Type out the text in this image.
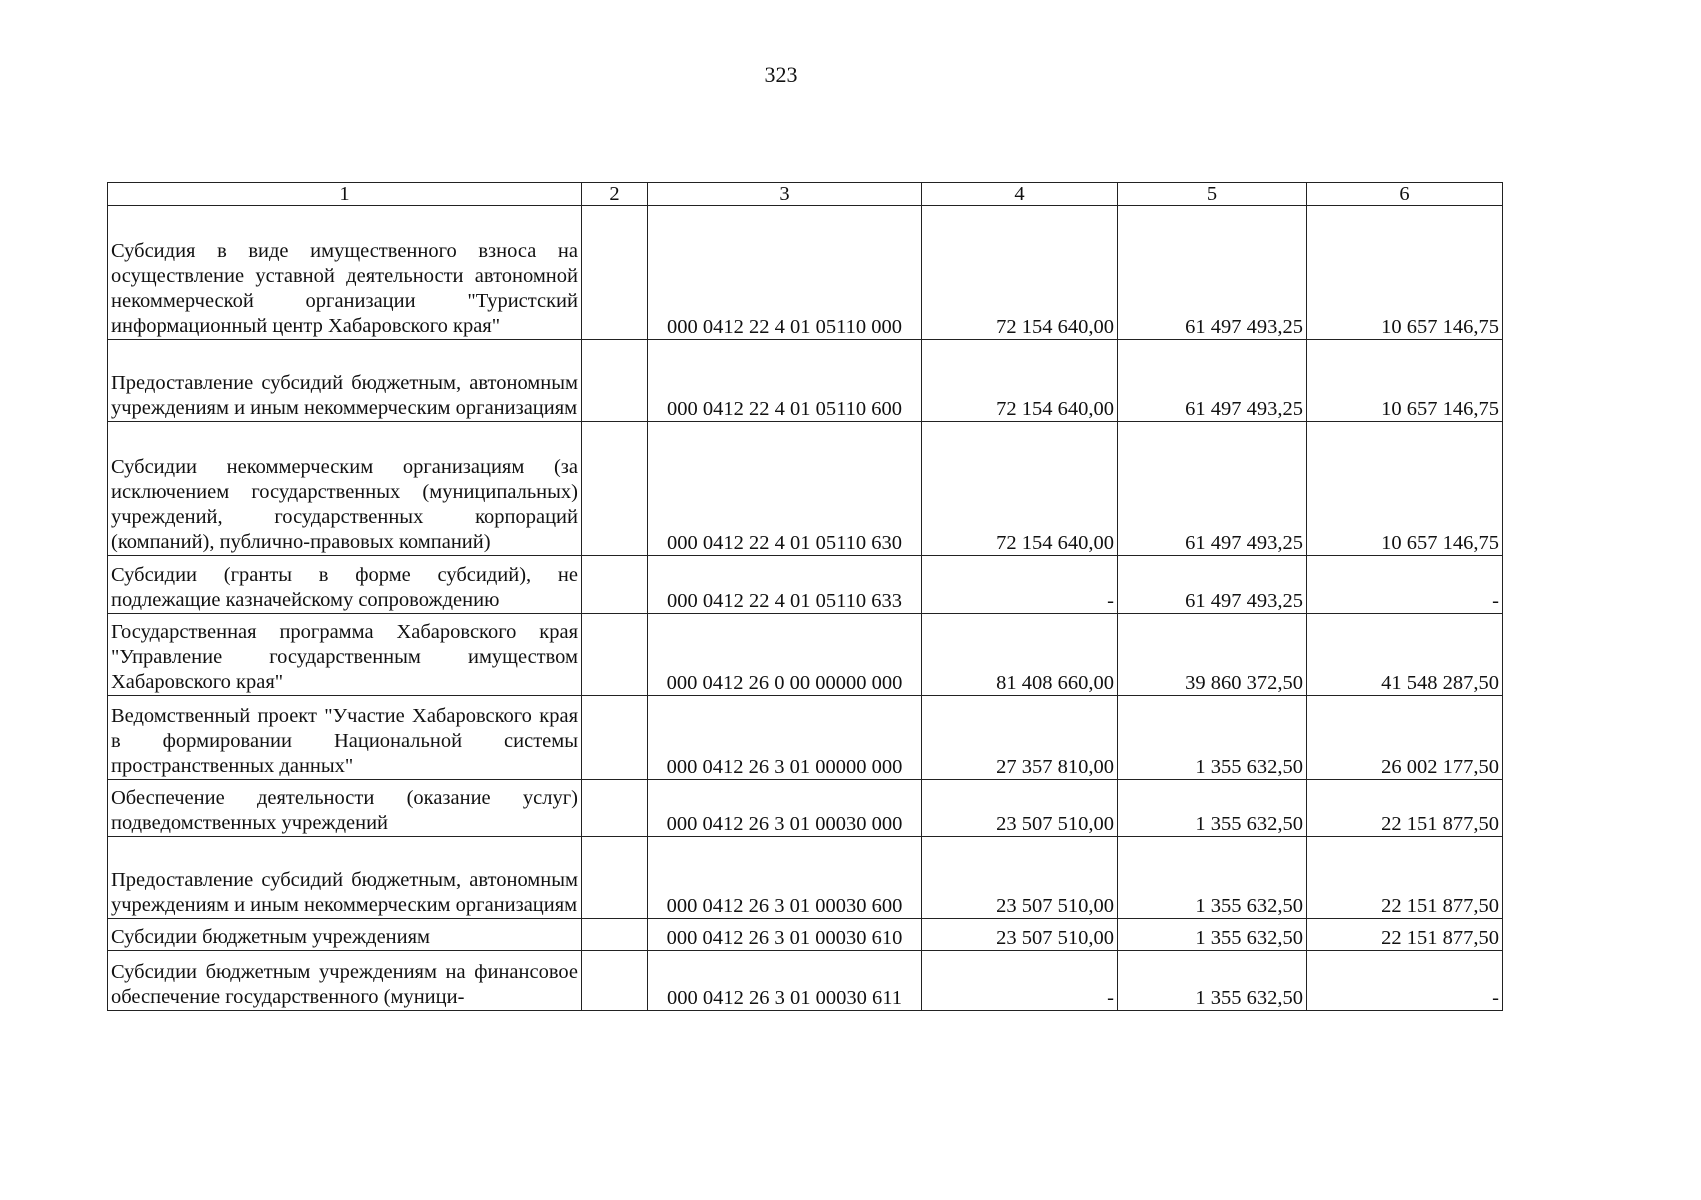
323
1	2	3	4	5	6
Субсидия в виде имущественного взноса на осуществление уставной деятельности автономной некоммерческой организации "Туристский информационный центр Хабаровского края"		000 0412 22 4 01 05110 000	72 154 640,00	61 497 493,25	10 657 146,75
Предоставление субсидий бюджетным, автономным учреждениям и иным некоммерческим организациям		000 0412 22 4 01 05110 600	72 154 640,00	61 497 493,25	10 657 146,75
Субсидии некоммерческим организациям (за исключением государственных (муниципальных) учреждений, государственных корпораций (компаний), публично-правовых компаний)		000 0412 22 4 01 05110 630	72 154 640,00	61 497 493,25	10 657 146,75
Субсидии (гранты в форме субсидий), не подлежащие казначейскому сопровождению		000 0412 22 4 01 05110 633	-	61 497 493,25	-
Государственная программа Хабаровского края "Управление государственным имуществом Хабаровского края"		000 0412 26 0 00 00000 000	81 408 660,00	39 860 372,50	41 548 287,50
Ведомственный проект "Участие Хабаровского края в формировании Национальной системы пространственных данных"		000 0412 26 3 01 00000 000	27 357 810,00	1 355 632,50	26 002 177,50
Обеспечение деятельности (оказание услуг) подведомственных учреждений		000 0412 26 3 01 00030 000	23 507 510,00	1 355 632,50	22 151 877,50
Предоставление субсидий бюджетным, автономным учреждениям и иным некоммерческим организациям		000 0412 26 3 01 00030 600	23 507 510,00	1 355 632,50	22 151 877,50
Субсидии бюджетным учреждениям		000 0412 26 3 01 00030 610	23 507 510,00	1 355 632,50	22 151 877,50
Субсидии бюджетным учреждениям на финансовое обеспечение государственного (муници-		000 0412 26 3 01 00030 611	-	1 355 632,50	-
